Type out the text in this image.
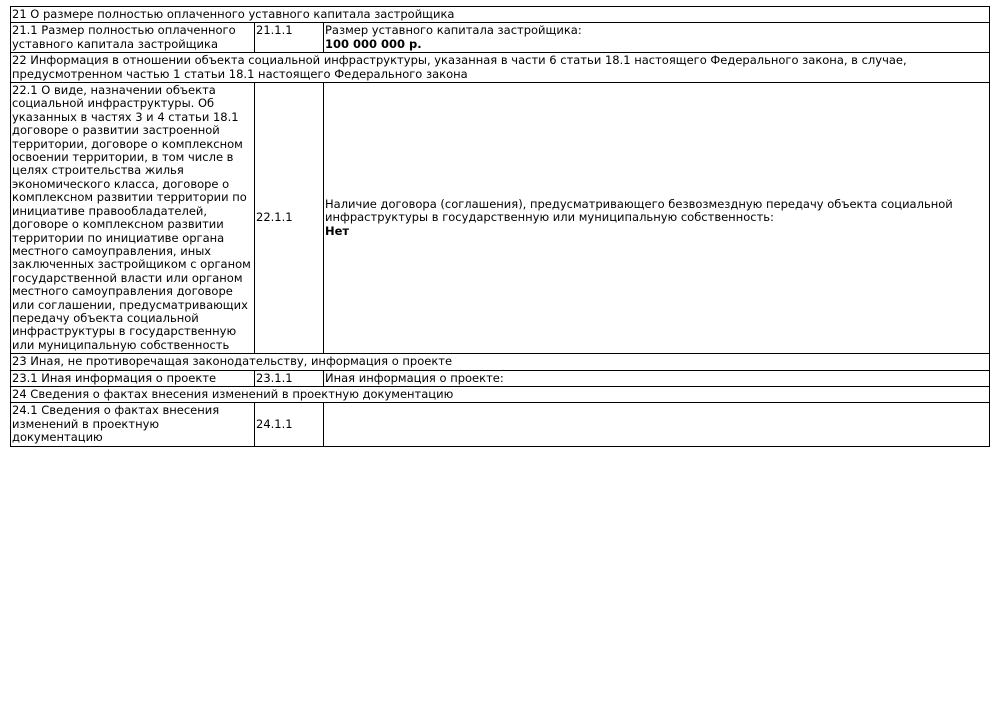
21 О размере полностью оплаченного уставного капитала застройщика		
21.1 Размер полностью оплаченного уставного капитала застройщика	21.1.1	Размер уставного капитала застройщика:
100 000 000 р.

22 Информация в отношении объекта социальной инфраструктуры, указанная в части 6 статьи 18.1 настоящего Федерального закона, в случае, предусмотренном частью 1 статьи 18.1 настоящего Федерального закона		
22.1 О виде, назначении объекта социальной инфраструктуры. Об указанных в частях 3 и 4 статьи 18.1 договоре о развитии застроенной территории, договоре о комплексном освоении территории, в том числе в целях строительства жилья экономического класса, договоре о комплексном развитии территории по инициативе правообладателей, договоре о комплексном развитии территории по инициативе органа местного самоуправления, иных заключенных застройщиком с органом государственной власти или органом местного самоуправления договоре или соглашении, предусматривающих передачу объекта социальной инфраструктуры в государственную или муниципальную собственность	22.1.1	Наличие договора (соглашения), предусматривающего безвозмездную передачу объекта социальной инфраструктуры в государственную или муниципальную собственность:
Нет

23 Иная, не противоречащая законодательству, информация о проекте		
23.1 Иная информация о проекте	23.1.1	Иная информация о проекте:

24 Сведения о фактах внесения изменений в проектную документацию		
24.1 Сведения о фактах внесения изменений в проектную документацию	24.1.1	
